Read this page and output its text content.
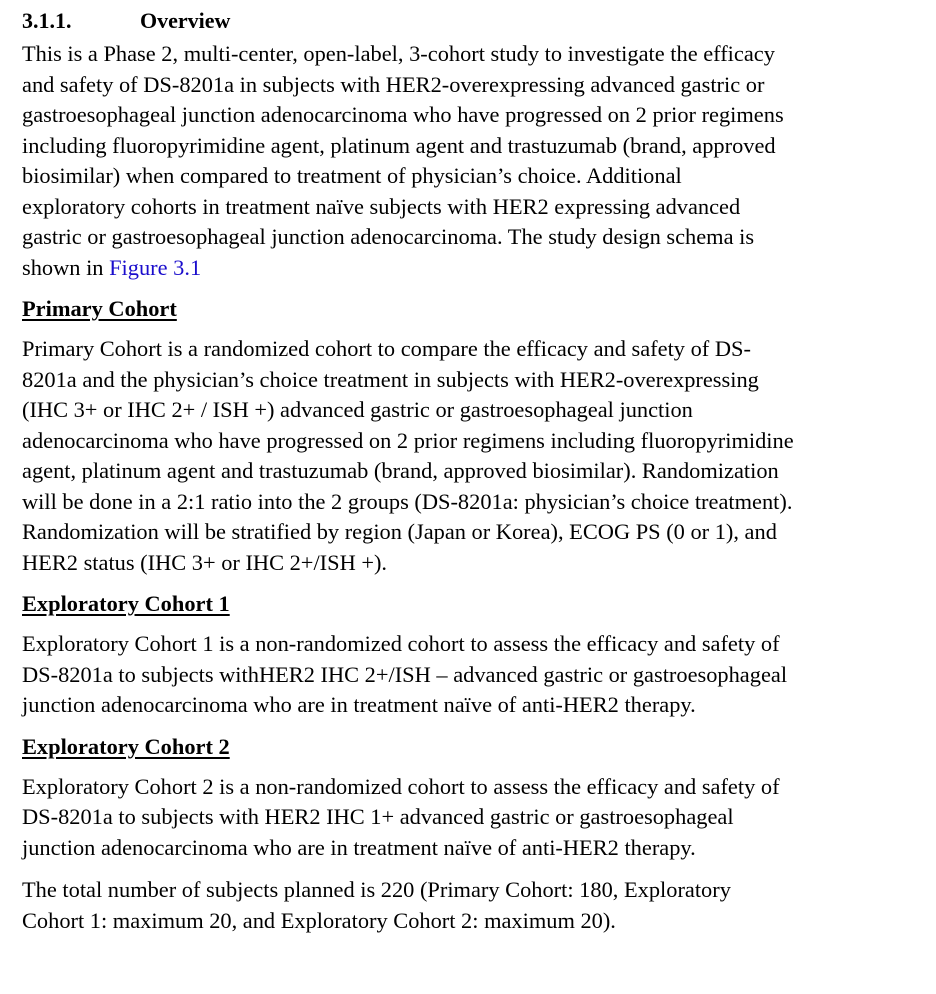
3.1.1.	Overview

This is a Phase 2, multi-center, open-label, 3-cohort study to investigate the efficacy
and safety of DS-8201a in subjects with HER2-overexpressing advanced gastric or
gastroesophageal junction adenocarcinoma who have progressed on 2 prior regimens
including fluoropyrimidine agent, platinum agent and trastuzumab (brand, approved
biosimilar) when compared to treatment of physician’s choice. Additional
exploratory cohorts in treatment naïve subjects with HER2 expressing advanced
gastric or gastroesophageal junction adenocarcinoma. The study design schema is
shown in Figure 3.1

Primary Cohort

Primary Cohort is a randomized cohort to compare the efficacy and safety of DS-
8201a and the physician’s choice treatment in subjects with HER2-overexpressing
(IHC 3+ or IHC 2+ / ISH +) advanced gastric or gastroesophageal junction
adenocarcinoma who have progressed on 2 prior regimens including fluoropyrimidine
agent, platinum agent and trastuzumab (brand, approved biosimilar). Randomization
will be done in a 2:1 ratio into the 2 groups (DS-8201a: physician’s choice treatment).
Randomization will be stratified by region (Japan or Korea), ECOG PS (0 or 1), and
HER2 status (IHC 3+ or IHC 2+/ISH +).

Exploratory Cohort 1

Exploratory Cohort 1 is a non-randomized cohort to assess the efficacy and safety of
DS-8201a to subjects withHER2 IHC 2+/ISH – advanced gastric or gastroesophageal
junction adenocarcinoma who are in treatment naïve of anti-HER2 therapy.

Exploratory Cohort 2

Exploratory Cohort 2 is a non-randomized cohort to assess the efficacy and safety of
DS-8201a to subjects with HER2 IHC 1+ advanced gastric or gastroesophageal
junction adenocarcinoma who are in treatment naïve of anti-HER2 therapy.

The total number of subjects planned is 220 (Primary Cohort: 180, Exploratory
Cohort 1: maximum 20, and Exploratory Cohort 2: maximum 20).
